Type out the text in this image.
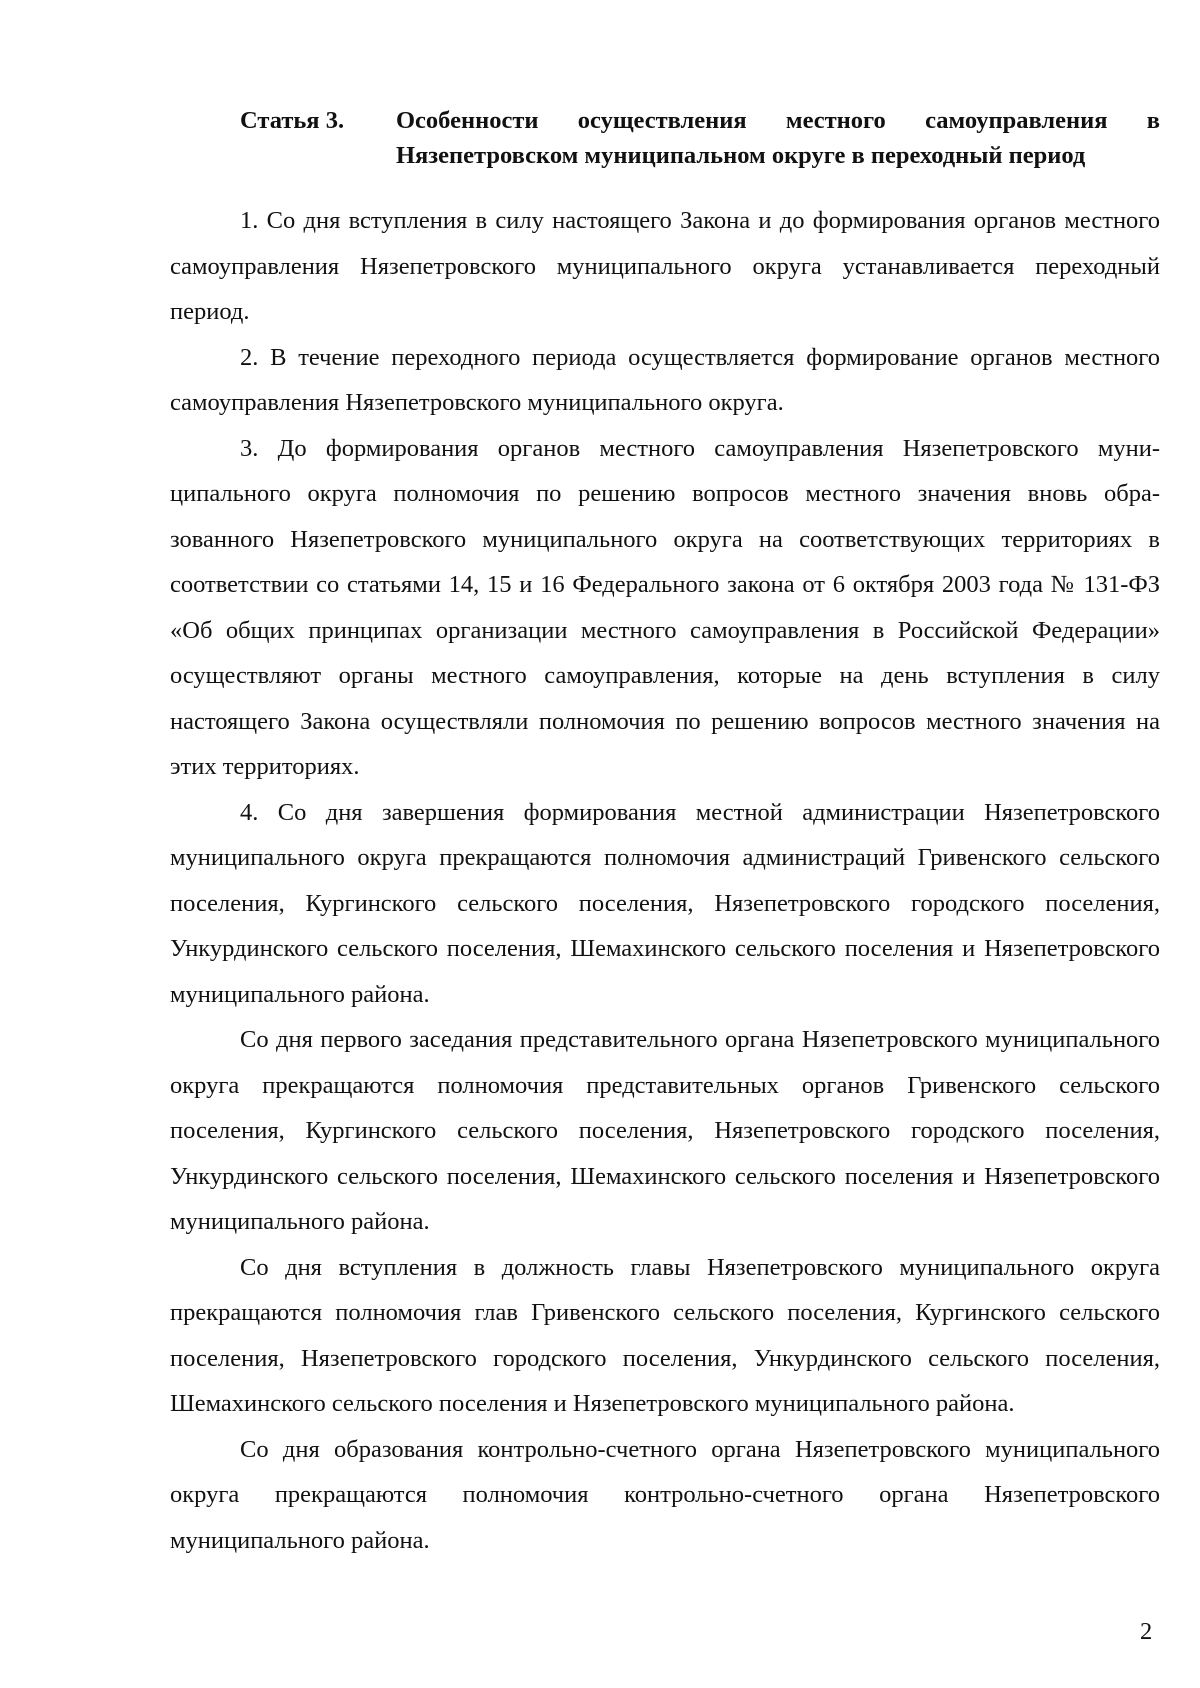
Статья 3. Особенности осуществления местного самоуправления в Нязепетровском муниципальном округе в переходный период

1. Со дня вступления в силу настоящего Закона и до формирования органов местного самоуправления Нязепетровского муниципального округа устанавливается переходный период.

2. В течение переходного периода осуществляется формирование органов местного самоуправления Нязепетровского муниципального округа.

3. До формирования органов местного самоуправления Нязепетровского муниципального округа полномочия по решению вопросов местного значения вновь образованного Нязепетровского муниципального округа на соответствующих территориях в соответствии со статьями 14, 15 и 16 Федерального закона от 6 октября 2003 года № 131-ФЗ «Об общих принципах организации местного самоуправления в Российской Федерации» осуществляют органы местного самоуправления, которые на день вступления в силу настоящего Закона осуществляли полномочия по решению вопросов местного значения на этих территориях.

4. Со дня завершения формирования местной администрации Нязепетровского муниципального округа прекращаются полномочия администраций Гривенского сельского поселения, Кургинского сельского поселения, Нязепетровского городского поселения, Ункурдинского сельского поселения, Шемахинского сельского поселения и Нязепетровского муниципального района.

Со дня первого заседания представительного органа Нязепетровского муниципального округа прекращаются полномочия представительных органов Гривенского сельского поселения, Кургинского сельского поселения, Нязепетровского городского поселения, Ункурдинского сельского поселения, Шемахинского сельского поселения и Нязепетровского муниципального района.

Со дня вступления в должность главы Нязепетровского муниципального округа прекращаются полномочия глав Гривенского сельского поселения, Кургинского сельского поселения, Нязепетровского городского поселения, Ункурдинского сельского поселения, Шемахинского сельского поселения и Нязепетровского муниципального района.

Со дня образования контрольно-счетного органа Нязепетровского муниципального округа прекращаются полномочия контрольно-счетного органа Нязепетровского муниципального района.

2
